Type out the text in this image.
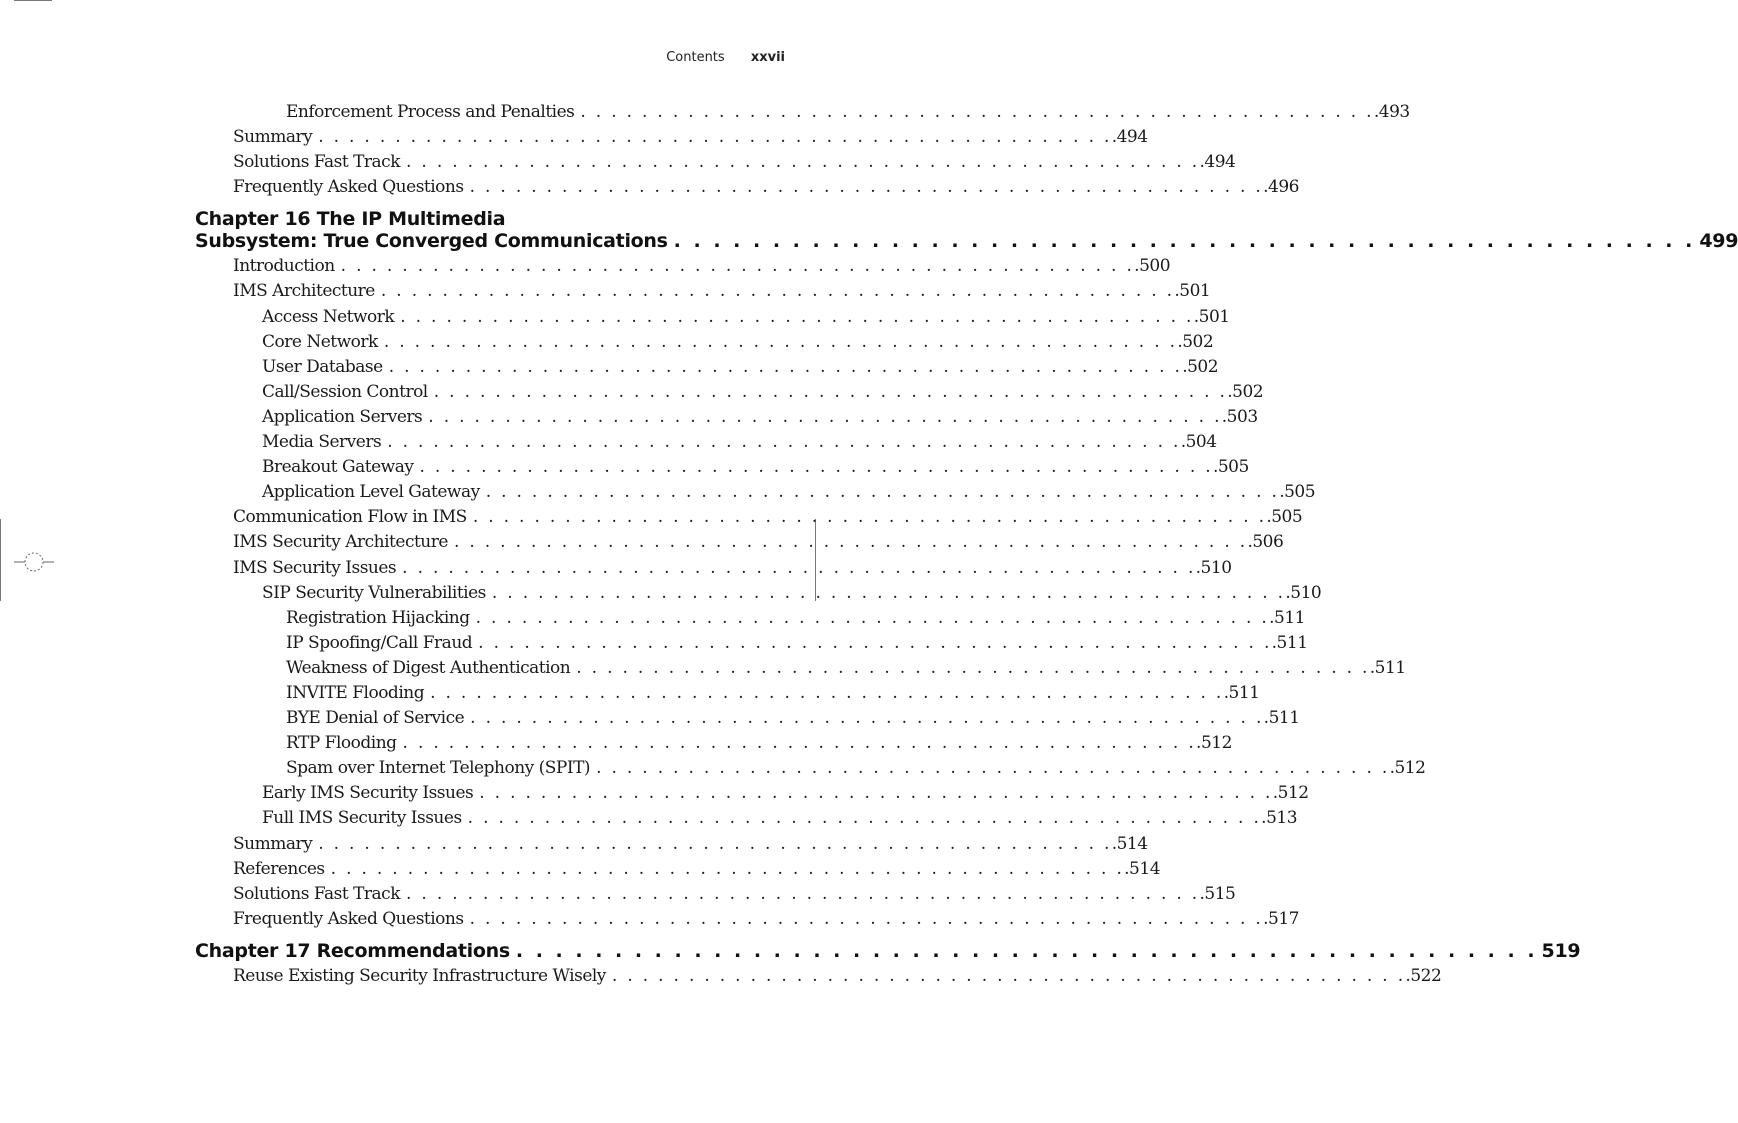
Contents xxvii
Enforcement Process and Penalties . . . . . . . . . . . . . . . . . . . . . . . . . . . . . . . . . . . . . . . . . . . . . . . . . . . . .493
Summary . . . . . . . . . . . . . . . . . . . . . . . . . . . . . . . . . . . . . . . . . . . . . . . . . . . . .494
Solutions Fast Track . . . . . . . . . . . . . . . . . . . . . . . . . . . . . . . . . . . . . . . . . . . . . . . . . . . . .494
Frequently Asked Questions . . . . . . . . . . . . . . . . . . . . . . . . . . . . . . . . . . . . . . . . . . . . . . . . . . . . .496
Chapter 16 The IP Multimedia
Subsystem: True Converged Communications . . . . . . . . . . . . . . . . . . . . . . . . . . . . . . . . . . . . . . . . . . . . . . . . . . . . 499
Introduction . . . . . . . . . . . . . . . . . . . . . . . . . . . . . . . . . . . . . . . . . . . . . . . . . . . . .500
IMS Architecture . . . . . . . . . . . . . . . . . . . . . . . . . . . . . . . . . . . . . . . . . . . . . . . . . . . . .501
Access Network . . . . . . . . . . . . . . . . . . . . . . . . . . . . . . . . . . . . . . . . . . . . . . . . . . . . .501
Core Network . . . . . . . . . . . . . . . . . . . . . . . . . . . . . . . . . . . . . . . . . . . . . . . . . . . . .502
User Database . . . . . . . . . . . . . . . . . . . . . . . . . . . . . . . . . . . . . . . . . . . . . . . . . . . . .502
Call/Session Control . . . . . . . . . . . . . . . . . . . . . . . . . . . . . . . . . . . . . . . . . . . . . . . . . . . . .502
Application Servers . . . . . . . . . . . . . . . . . . . . . . . . . . . . . . . . . . . . . . . . . . . . . . . . . . . . .503
Media Servers . . . . . . . . . . . . . . . . . . . . . . . . . . . . . . . . . . . . . . . . . . . . . . . . . . . . .504
Breakout Gateway . . . . . . . . . . . . . . . . . . . . . . . . . . . . . . . . . . . . . . . . . . . . . . . . . . . . .505
Application Level Gateway . . . . . . . . . . . . . . . . . . . . . . . . . . . . . . . . . . . . . . . . . . . . . . . . . . . . .505
Communication Flow in IMS . . . . . . . . . . . . . . . . . . . . . . . . . . . . . . . . . . . . . . . . . . . . . . . . . . . . .505
IMS Security Architecture . . . . . . . . . . . . . . . . . . . . . . . . . . . . . . . . . . . . . . . . . . . . . . . . . . . . .506
IMS Security Issues . . . . . . . . . . . . . . . . . . . . . . . . . . . . . . . . . . . . . . . . . . . . . . . . . . . . .510
SIP Security Vulnerabilities . . . . . . . . . . . . . . . . . . . . . . . . . . . . . . . . . . . . . . . . . . . . . . . . . . . . .510
Registration Hijacking . . . . . . . . . . . . . . . . . . . . . . . . . . . . . . . . . . . . . . . . . . . . . . . . . . . . .511
IP Spoofing/Call Fraud . . . . . . . . . . . . . . . . . . . . . . . . . . . . . . . . . . . . . . . . . . . . . . . . . . . . .511
Weakness of Digest Authentication . . . . . . . . . . . . . . . . . . . . . . . . . . . . . . . . . . . . . . . . . . . . . . . . . . . . .511
INVITE Flooding . . . . . . . . . . . . . . . . . . . . . . . . . . . . . . . . . . . . . . . . . . . . . . . . . . . . .511
BYE Denial of Service . . . . . . . . . . . . . . . . . . . . . . . . . . . . . . . . . . . . . . . . . . . . . . . . . . . . .511
RTP Flooding . . . . . . . . . . . . . . . . . . . . . . . . . . . . . . . . . . . . . . . . . . . . . . . . . . . . .512
Spam over Internet Telephony (SPIT) . . . . . . . . . . . . . . . . . . . . . . . . . . . . . . . . . . . . . . . . . . . . . . . . . . . . .512
Early IMS Security Issues . . . . . . . . . . . . . . . . . . . . . . . . . . . . . . . . . . . . . . . . . . . . . . . . . . . . .512
Full IMS Security Issues . . . . . . . . . . . . . . . . . . . . . . . . . . . . . . . . . . . . . . . . . . . . . . . . . . . . .513
Summary . . . . . . . . . . . . . . . . . . . . . . . . . . . . . . . . . . . . . . . . . . . . . . . . . . . . .514
References . . . . . . . . . . . . . . . . . . . . . . . . . . . . . . . . . . . . . . . . . . . . . . . . . . . . .514
Solutions Fast Track . . . . . . . . . . . . . . . . . . . . . . . . . . . . . . . . . . . . . . . . . . . . . . . . . . . . .515
Frequently Asked Questions . . . . . . . . . . . . . . . . . . . . . . . . . . . . . . . . . . . . . . . . . . . . . . . . . . . . .517
Chapter 17 Recommendations . . . . . . . . . . . . . . . . . . . . . . . . . . . . . . . . . . . . . . . . . . . . . . . . . . . . 519
Reuse Existing Security Infrastructure Wisely . . . . . . . . . . . . . . . . . . . . . . . . . . . . . . . . . . . . . . . . . . . . . . . . . . . . .522
